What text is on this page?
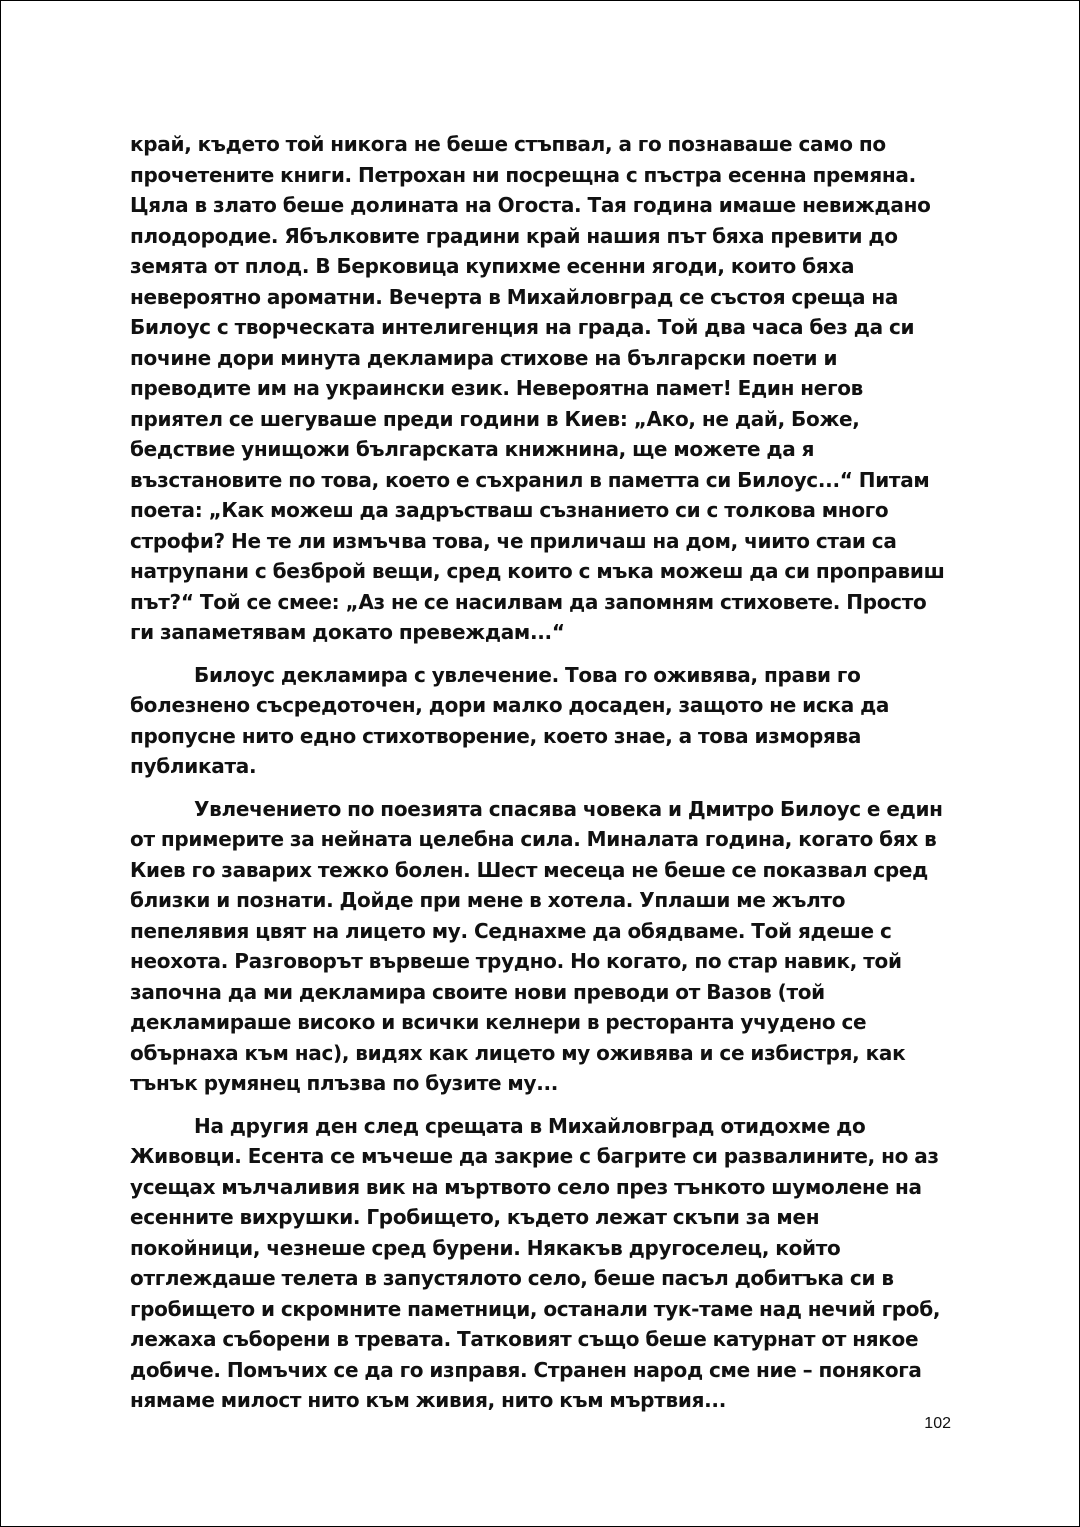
край, където той никога не беше стъпвал, а го познаваше само по прочетените книги. Петрохан ни посрещна с пъстра есенна премяна. Цяла в злато беше долината на Огоста. Тая година имаше невиждано плодородие. Ябълковите градини край нашия път бяха превити до земята от плод. В Берковица купихме есенни ягоди, които бяха невероятно ароматни. Вечерта в Михайловград се състоя среща на Билоус с творческата интелигенция на града. Той два часа без да си почине дори минута декламира стихове на български поети и преводите им на украински език. Невероятна памет! Един негов приятел се шегуваше преди години в Киев: „Ако, не дай, Боже, бедствие унищожи българската книжнина, ще можете да я възстановите по това, което е съхранил в паметта си Билоус...“ Питам поета: „Как можеш да задръстваш съзнанието си с толкова много строфи? Не те ли измъчва това, че приличаш на дом, чиито стаи са натрупани с безброй вещи, сред които с мъка можеш да си проправиш път?“ Той се смее: „Аз не се насилвам да запомням стиховете. Просто ги запаметявам докато превеждам...“

Билоус декламира с увлечение. Това го оживява, прави го болезнено съсредоточен, дори малко досаден, защото не иска да пропусне нито едно стихотворение, което знае, а това изморява публиката.

Увлечението по поезията спасява човека и Дмитро Билоус е един от примерите за нейната целебна сила. Миналата година, когато бях в Киев го заварих тежко болен. Шест месеца не беше се показвал сред близки и познати. Дойде при мене в хотела. Уплаши ме жълто пепелявия цвят на лицето му. Седнахме да обядваме. Той ядеше с неохота. Разговорът вървеше трудно. Но когато, по стар навик, той започна да ми декламира своите нови преводи от Вазов (той декламираше високо и всички келнери в ресторанта учудено се обърнаха към нас), видях как лицето му оживява и се избистря, как тънък румянец плъзва по бузите му...

На другия ден след срещата в Михайловград отидохме до Живовци. Есента се мъчеше да закрие с багрите си развалините, но аз усещах мълчаливия вик на мъртвото село през тънкото шумолене на есенните вихрушки. Гробището, където лежат скъпи за мен покойници, чезнеше сред бурени. Някакъв другоселец, който отглеждаше телета в запустялото село, беше пасъл добитъка си в гробището и скромните паметници, останали тук-таме над нечий гроб, лежаха съборени в тревата. Татковият също беше катурнат от някое добиче. Помъчих се да го изправя. Странен народ сме ние – понякога нямаме милост нито към живия, нито към мъртвия...

102
